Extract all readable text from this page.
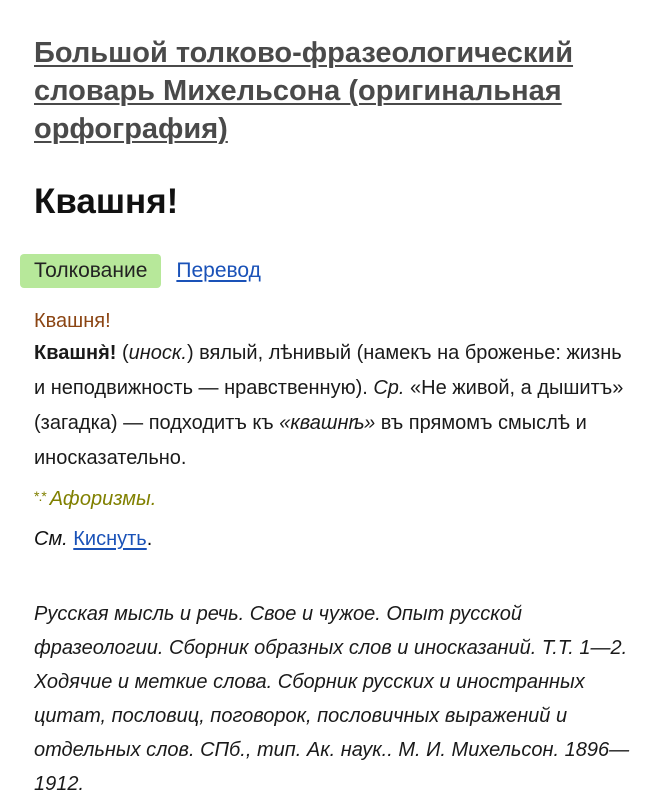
Большой толково-фразеологический словарь Михельсона (оригинальная орфография)
Квашня!
Толкование	Перевод
Квашня!

Квашня̀! (иноск.) вялый, лѣнивый (намекъ на броженье: жизнь и неподвижность — нравственную). Ср. «Не живой, а дышитъ» (загадка) — подходитъ къ «квашнѣ» въ прямомъ смыслѣ и иносказательно.

*.* Афоризмы.
См. Киснуть.
Русская мысль и речь. Свое и чужое. Опыт русской фразеологии. Сборник образных слов и иносказаний. Т.Т. 1—2. Ходячие и меткие слова. Сборник русских и иностранных цитат, пословиц, поговорок, пословичных выражений и отдельных слов. СПб., тип. Ак. наук.. М. И. Михельсон. 1896—1912.
